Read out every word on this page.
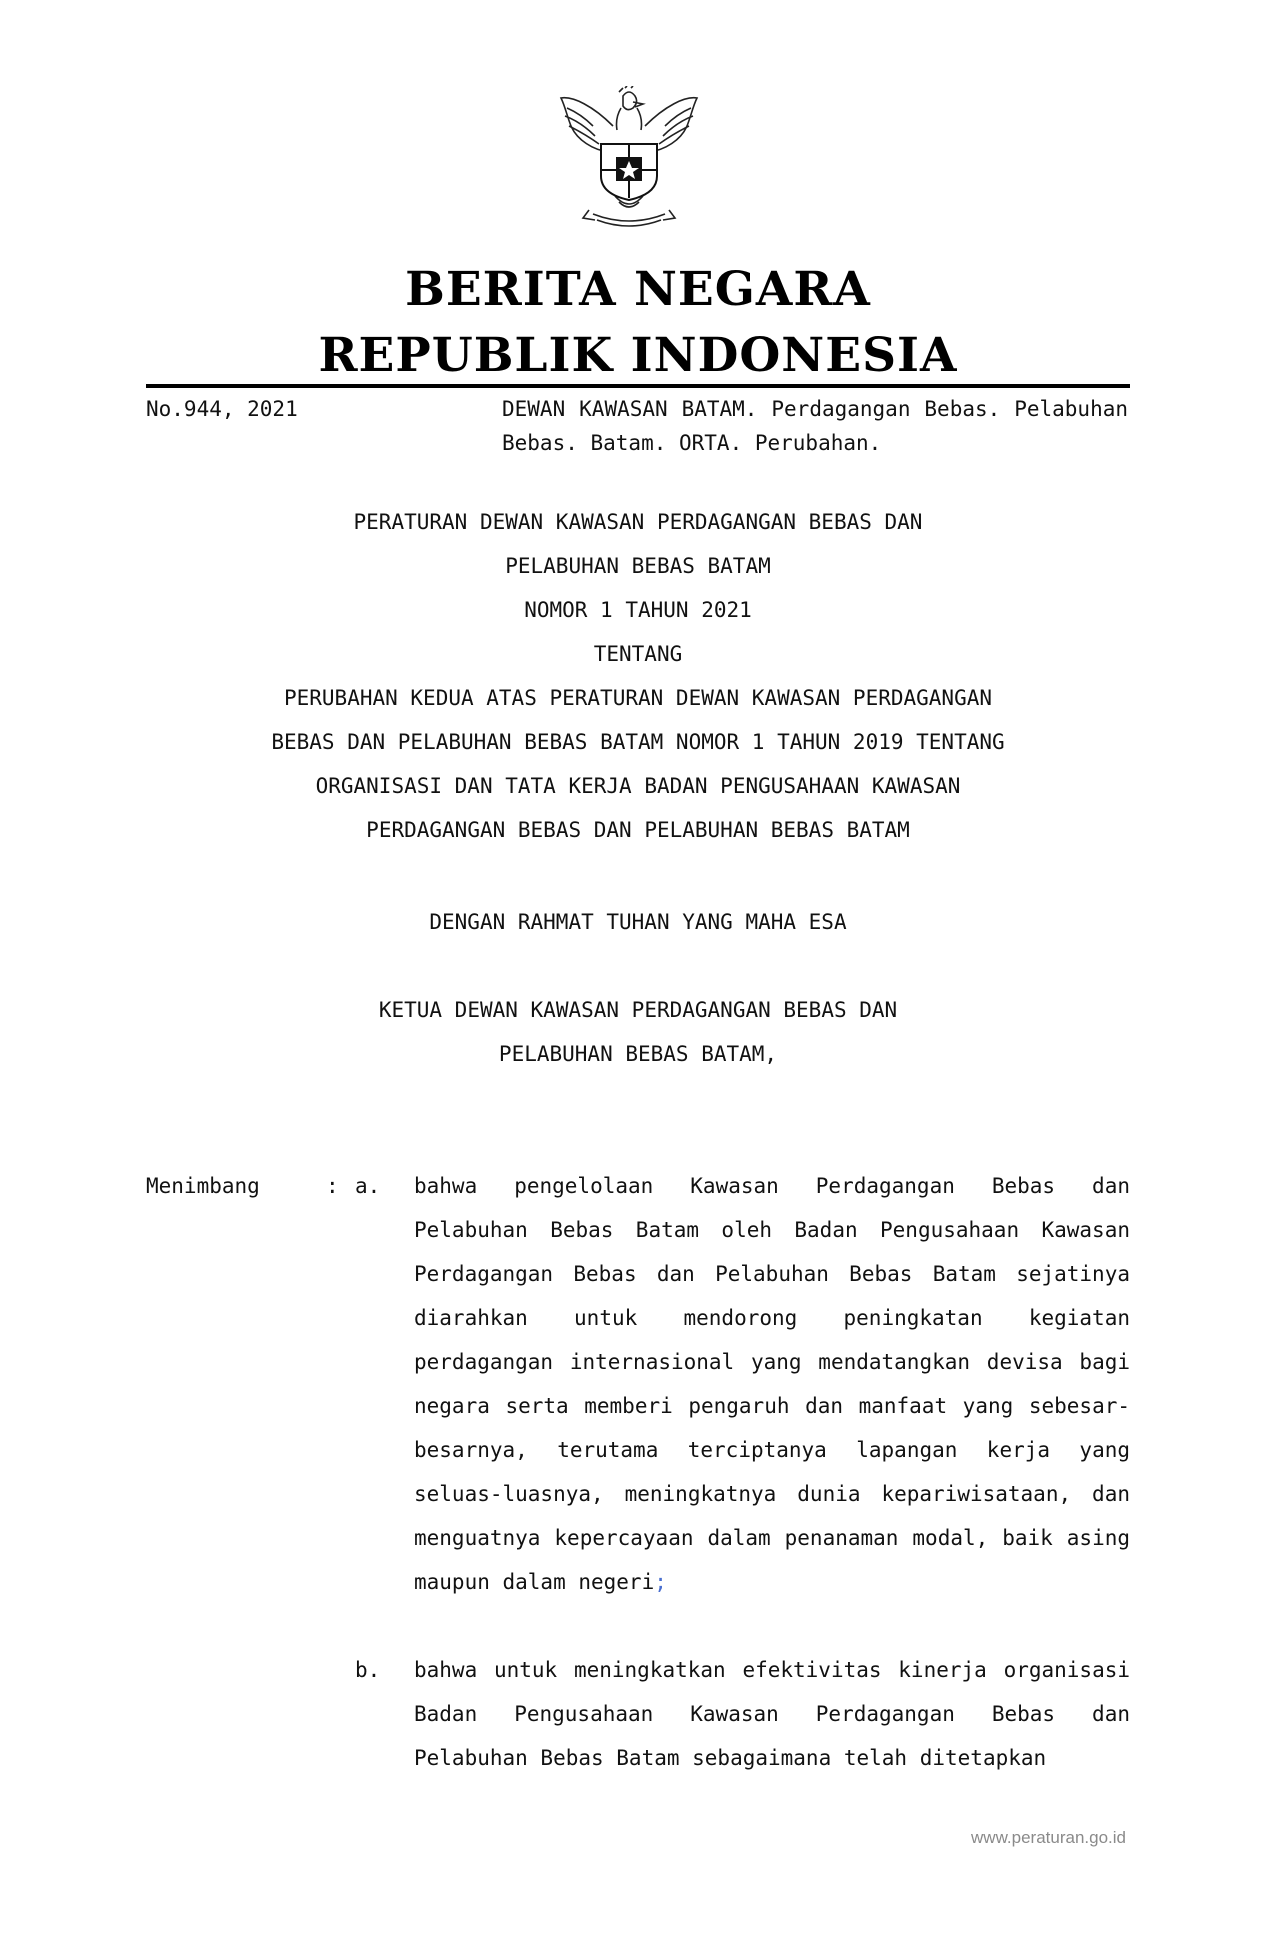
BERITA NEGARA
REPUBLIK INDONESIA
No.944, 2021	DEWAN KAWASAN BATAM. Perdagangan Bebas. Pelabuhan Bebas. Batam. ORTA. Perubahan.
PERATURAN DEWAN KAWASAN PERDAGANGAN BEBAS DAN
PELABUHAN BEBAS BATAM
NOMOR 1 TAHUN 2021
TENTANG
PERUBAHAN KEDUA ATAS PERATURAN DEWAN KAWASAN PERDAGANGAN
BEBAS DAN PELABUHAN BEBAS BATAM NOMOR 1 TAHUN 2019 TENTANG
ORGANISASI DAN TATA KERJA BADAN PENGUSAHAAN KAWASAN
PERDAGANGAN BEBAS DAN PELABUHAN BEBAS BATAM
DENGAN RAHMAT TUHAN YANG MAHA ESA
KETUA DEWAN KAWASAN PERDAGANGAN BEBAS DAN
PELABUHAN BEBAS BATAM,
Menimbang	: a. bahwa pengelolaan Kawasan Perdagangan Bebas dan Pelabuhan Bebas Batam oleh Badan Pengusahaan Kawasan Perdagangan Bebas dan Pelabuhan Bebas Batam sejatinya diarahkan untuk mendorong peningkatan kegiatan perdagangan internasional yang mendatangkan devisa bagi negara serta memberi pengaruh dan manfaat yang sebesar-besarnya, terutama terciptanya lapangan kerja yang seluas-luasnya, meningkatnya dunia kepariwisataan, dan menguatnya kepercayaan dalam penanaman modal, baik asing maupun dalam negeri;
b. bahwa untuk meningkatkan efektivitas kinerja organisasi Badan Pengusahaan Kawasan Perdagangan Bebas dan Pelabuhan Bebas Batam sebagaimana telah ditetapkan
www.peraturan.go.id
